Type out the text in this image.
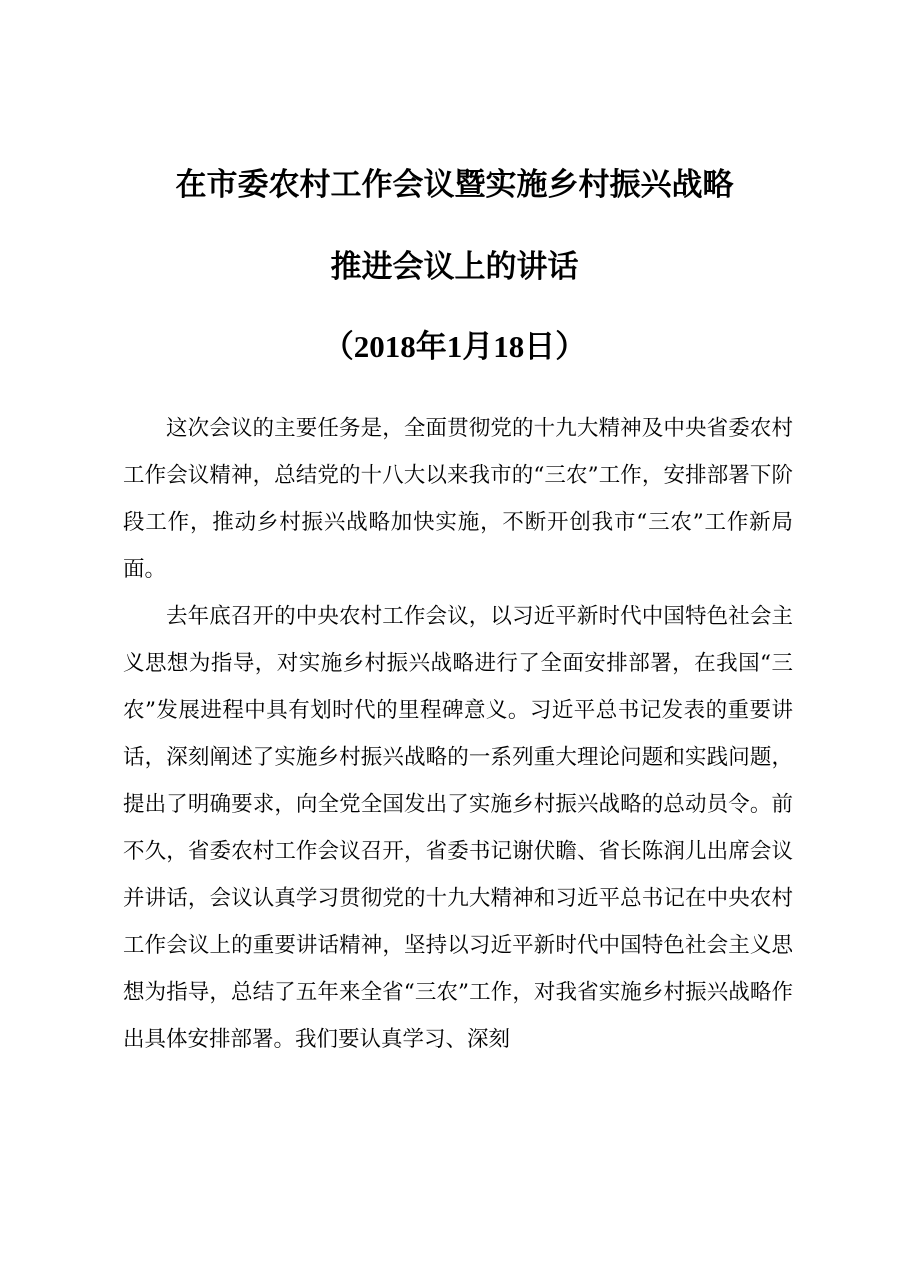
在市委农村工作会议暨实施乡村振兴战略
推进会议上的讲话
（2018年1月18日）

这次会议的主要任务是，全面贯彻党的十九大精神及中央省委农村工作会议精神，总结党的十八大以来我市的“三农”工作，安排部署下阶段工作，推动乡村振兴战略加快实施，不断开创我市“三农”工作新局面。

去年底召开的中央农村工作会议，以习近平新时代中国特色社会主义思想为指导，对实施乡村振兴战略进行了全面安排部署，在我国“三农”发展进程中具有划时代的里程碑意义。习近平总书记发表的重要讲话，深刻阐述了实施乡村振兴战略的一系列重大理论问题和实践问题，提出了明确要求，向全党全国发出了实施乡村振兴战略的总动员令。前不久，省委农村工作会议召开，省委书记谢伏瞻、省长陈润儿出席会议并讲话，会议认真学习贯彻党的十九大精神和习近平总书记在中央农村工作会议上的重要讲话精神，坚持以习近平新时代中国特色社会主义思想为指导，总结了五年来全省“三农”工作，对我省实施乡村振兴战略作出具体安排部署。我们要认真学习、深刻
